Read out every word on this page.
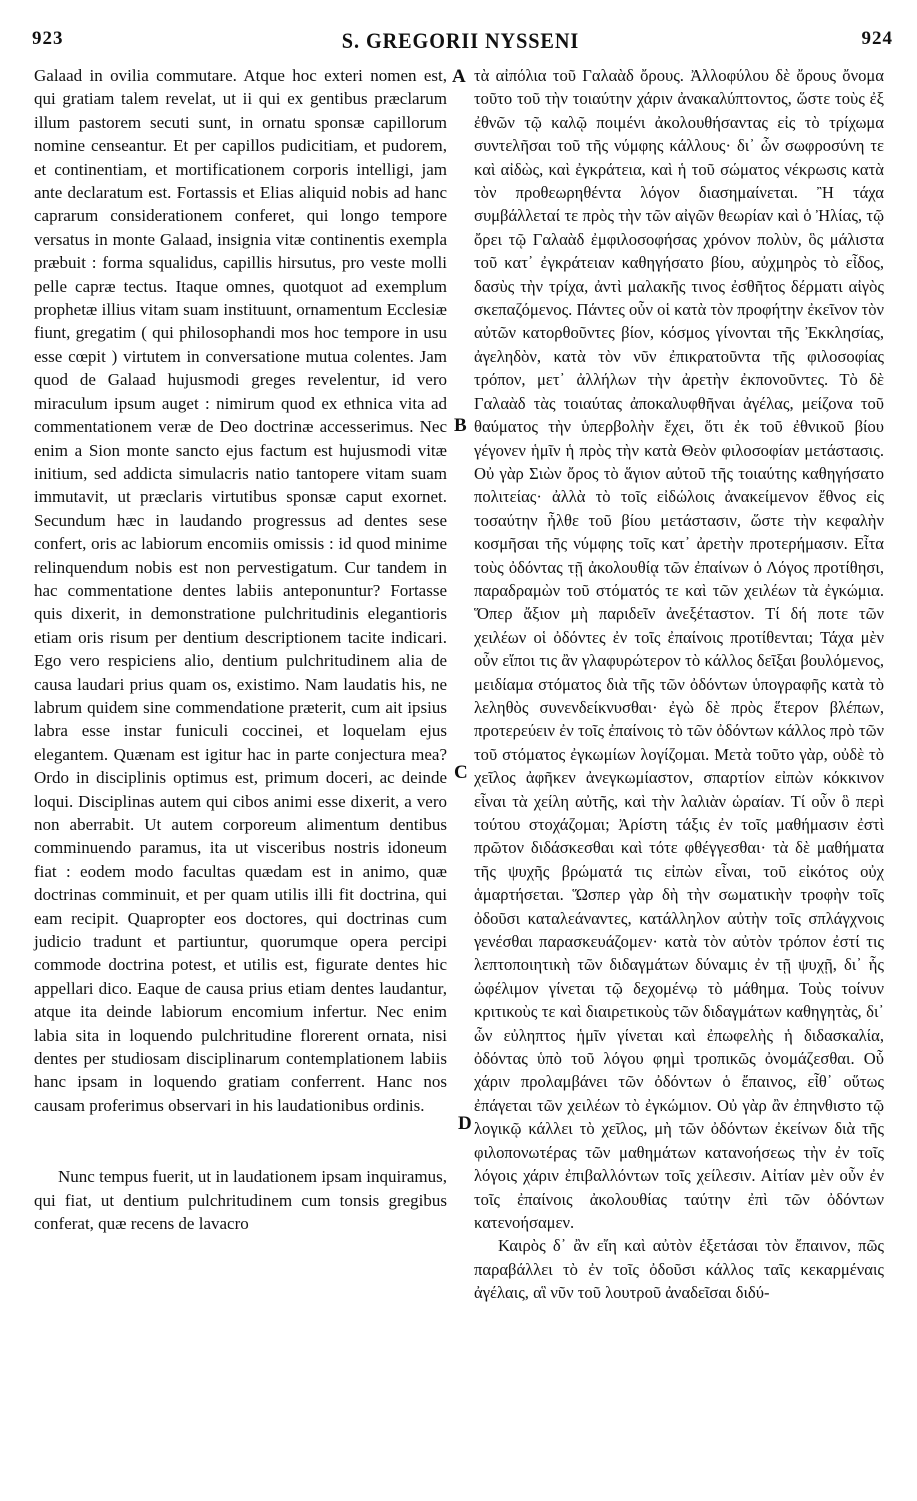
923	S. GREGORII NYSSENI	924

Galaad in ovilia commutare. Atque hoc exteri nomen est, qui gratiam talem revelat, ut ii qui ex gentibus præclarum illum pastorem secuti sunt, in ornatu sponsæ capillorum nomine censeantur. Et per capillos pudicitiam, et pudorem, et continentiam, et mortificationem corporis intelligi, jam ante declaratum est. Fortassis et Elias aliquid nobis ad hanc caprarum considerationem conferet, qui longo tempore versatus in monte Galaad, insignia vitæ continentis exempla præbuit : forma squalidus, capillis hirsutus, pro veste molli pelle capræ tectus. Itaque omnes, quotquot ad exemplum prophetæ illius vitam suam instituunt, ornamentum Ecclesiæ fiunt, gregatim ( qui philosophandi mos hoc tempore in usu esse cœpit ) virtutem in conversatione mutua colentes. Jam quod de Galaad hujusmodi greges revelentur, id vero miraculum ipsum auget : nimirum quod ex ethnica vita ad commentationem veræ de Deo doctrinæ accesserimus. Nec enim a Sion monte sancto ejus factum est hujusmodi vitæ initium, sed addicta simulacris natio tantopere vitam suam immutavit, ut præclaris virtutibus sponsæ caput exornet. Secundum hæc in laudando progressus ad dentes sese confert, oris ac labiorum encomiis omissis : id quod minime relinquendum nobis est non pervestigatum. Cur tandem in hac commentatione dentes labiis anteponuntur? Fortasse quis dixerit, in demonstratione pulchritudinis elegantioris etiam oris risum per dentium descriptionem tacite indicari. Ego vero respiciens alio, dentium pulchritudinem alia de causa laudari prius quam os, existimo. Nam laudatis his, ne labrum quidem sine commendatione præterit, cum ait ipsius labra esse instar funiculi coccinei, et loquelam ejus elegantem. Quænam est igitur hac in parte conjectura mea? Ordo in disciplinis optimus est, primum doceri, ac deinde loqui. Disciplinas autem qui cibos animi esse dixerit, a vero non aberrabit. Ut autem corporeum alimentum dentibus comminuendo paramus, ita ut visceribus nostris idoneum fiat : eodem modo facultas quædam est in animo, quæ doctrinas comminuit, et per quam utilis illi fit doctrina, qui eam recipit. Quapropter eos doctores, qui doctrinas cum judicio tradunt et partiuntur, quorumque opera percipi commode doctrina potest, et utilis est, figurate dentes hic appellari dico. Eaque de causa prius etiam dentes laudantur, atque ita deinde labiorum encomium infertur. Nec enim labia sita in loquendo pulchritudine florerent ornata, nisi dentes per studiosam disciplinarum contemplationem labiis hanc ipsam in loquendo gratiam conferrent. Hanc nos causam proferimus observari in his laudationibus ordinis.

Nunc tempus fuerit, ut in laudationem ipsam inquiramus, qui fiat, ut dentium pulchritudinem cum tonsis gregibus conferat, quæ recens de lavacro

A
B
C
D

τὰ αἰπόλια τοῦ Γαλαὰδ ὄρους. Ἀλλοφύλου δὲ ὄρους ὄνομα τοῦτο τοῦ τὴν τοιαύτην χάριν ἀνακαλύπτοντος, ὥστε τοὺς ἐξ ἐθνῶν τῷ καλῷ ποιμένι ἀκολουθήσαντας εἰς τὸ τρίχωμα συντελῆσαι τοῦ τῆς νύμφης κάλλους· δι᾽ ὧν σωφροσύνη τε καὶ αἰδὼς, καὶ ἐγκράτεια, καὶ ἡ τοῦ σώματος νέκρωσις κατὰ τὸν προθεωρηθέντα λόγον διασημαίνεται. Ἢ τάχα συμβάλλεταί τε πρὸς τὴν τῶν αἰγῶν θεωρίαν καὶ ὁ Ἠλίας, τῷ ὄρει τῷ Γαλαὰδ ἐμφιλοσοφήσας χρόνον πολὺν, ὃς μάλιστα τοῦ κατ᾽ ἐγκράτειαν καθηγήσατο βίου, αὐχμηρὸς τὸ εἶδος, δασὺς τὴν τρίχα, ἀντὶ μαλακῆς τινος ἐσθῆτος δέρματι αἰγὸς σκεπαζόμενος. Πάντες οὖν οἱ κατὰ τὸν προφήτην ἐκεῖνον τὸν αὐτῶν κατορθοῦντες βίον, κόσμος γίνονται τῆς Ἐκκλησίας, ἀγεληδὸν, κατὰ τὸν νῦν ἐπικρατοῦντα τῆς φιλοσοφίας τρόπον, μετ᾽ ἀλλήλων τὴν ἀρετὴν ἐκπονοῦντες. Τὸ δὲ Γαλαὰδ τὰς τοιαύτας ἀποκαλυφθῆναι ἀγέλας, μείζονα τοῦ θαύματος τὴν ὑπερβολὴν ἔχει, ὅτι ἐκ τοῦ ἐθνικοῦ βίου γέγονεν ἡμῖν ἡ πρὸς τὴν κατὰ Θεὸν φιλοσοφίαν μετάστασις. Οὐ γὰρ Σιὼν ὄρος τὸ ἅγιον αὐτοῦ τῆς τοιαύτης καθηγήσατο πολιτείας· ἀλλὰ τὸ τοῖς εἰδώλοις ἀνακείμενον ἔθνος εἰς τοσαύτην ἦλθε τοῦ βίου μετάστασιν, ὥστε τὴν κεφαλὴν κοσμῆσαι τῆς νύμφης τοῖς κατ᾽ ἀρετὴν προτερήμασιν. Εἶτα τοὺς ὀδόντας τῇ ἀκολουθίᾳ τῶν ἐπαίνων ὁ Λόγος προτίθησι, παραδραμὼν τοῦ στόματός τε καὶ τῶν χειλέων τὰ ἐγκώμια. Ὅπερ ἄξιον μὴ παριδεῖν ἀνεξέταστον. Τί δή ποτε τῶν χειλέων οἱ ὀδόντες ἐν τοῖς ἐπαίνοις προτίθενται; Τάχα μὲν οὖν εἴποι τις ἂν γλαφυρώτερον τὸ κάλλος δεῖξαι βουλόμενος, μειδίαμα στόματος διὰ τῆς τῶν ὀδόντων ὑπογραφῆς κατὰ τὸ λεληθὸς συνενδείκνυσθαι· ἐγὼ δὲ πρὸς ἕτερον βλέπων, προτερεύειν ἐν τοῖς ἐπαίνοις τὸ τῶν ὀδόντων κάλλος πρὸ τῶν τοῦ στόματος ἐγκωμίων λογίζομαι. Μετὰ τοῦτο γὰρ, οὐδὲ τὸ χεῖλος ἀφῆκεν ἀνεγκωμίαστον, σπαρτίον εἰπὼν κόκκινον εἶναι τὰ χείλη αὐτῆς, καὶ τὴν λαλιὰν ὡραίαν. Τί οὖν ὃ περὶ τούτου στοχάζομαι; Ἀρίστη τάξις ἐν τοῖς μαθήμασιν ἐστὶ πρῶτον διδάσκεσθαι καὶ τότε φθέγγεσθαι· τὰ δὲ μαθήματα τῆς ψυχῆς βρώματά τις εἰπὼν εἶναι, τοῦ εἰκότος οὐχ ἁμαρτήσεται. Ὥσπερ γὰρ δὴ τὴν σωματικὴν τροφὴν τοῖς ὀδοῦσι καταλεάναντες, κατάλληλον αὐτὴν τοῖς σπλάγχνοις γενέσθαι παρασκευάζομεν· κατὰ τὸν αὐτὸν τρόπον ἐστί τις λεπτοποιητικὴ τῶν διδαγμάτων δύναμις ἐν τῇ ψυχῇ, δι᾽ ἧς ὠφέλιμον γίνεται τῷ δεχομένῳ τὸ μάθημα. Τοὺς τοίνυν κριτικοὺς τε καὶ διαιρετικοὺς τῶν διδαγμάτων καθηγητὰς, δι᾽ ὧν εὐληπτος ἡμῖν γίνεται καὶ ἐπωφελὴς ἡ διδασκαλία, ὀδόντας ὑπὸ τοῦ λόγου φημὶ τροπικῶς ὀνομάζεσθαι. Οὗ χάριν προλαμβάνει τῶν ὀδόντων ὁ ἔπαινος, εἶθ᾽ οὕτως ἐπάγεται τῶν χειλέων τὸ ἐγκώμιον. Οὐ γὰρ ἂν ἐπηνθιστο τῷ λογικῷ κάλλει τὸ χεῖλος, μὴ τῶν ὀδόντων ἐκείνων διὰ τῆς φιλοπονωτέρας τῶν μαθημάτων κατανοήσεως τὴν ἐν τοῖς λόγοις χάριν ἐπιβαλλόντων τοῖς χείλεσιν. Αἰτίαν μὲν οὖν ἐν τοῖς ἐπαίνοις ἀκολουθίας ταύτην ἐπὶ τῶν ὀδόντων κατενοήσαμεν.

Καιρὸς δ᾽ ἂν εἴη καὶ αὐτὸν ἐξετάσαι τὸν ἔπαινον, πῶς παραβάλλει τὸ ἐν τοῖς ὀδοῦσι κάλλος ταῖς κεκαρμέναις ἀγέλαις, αἳ νῦν τοῦ λουτροῦ ἀναδεῖσαι διδύ-
